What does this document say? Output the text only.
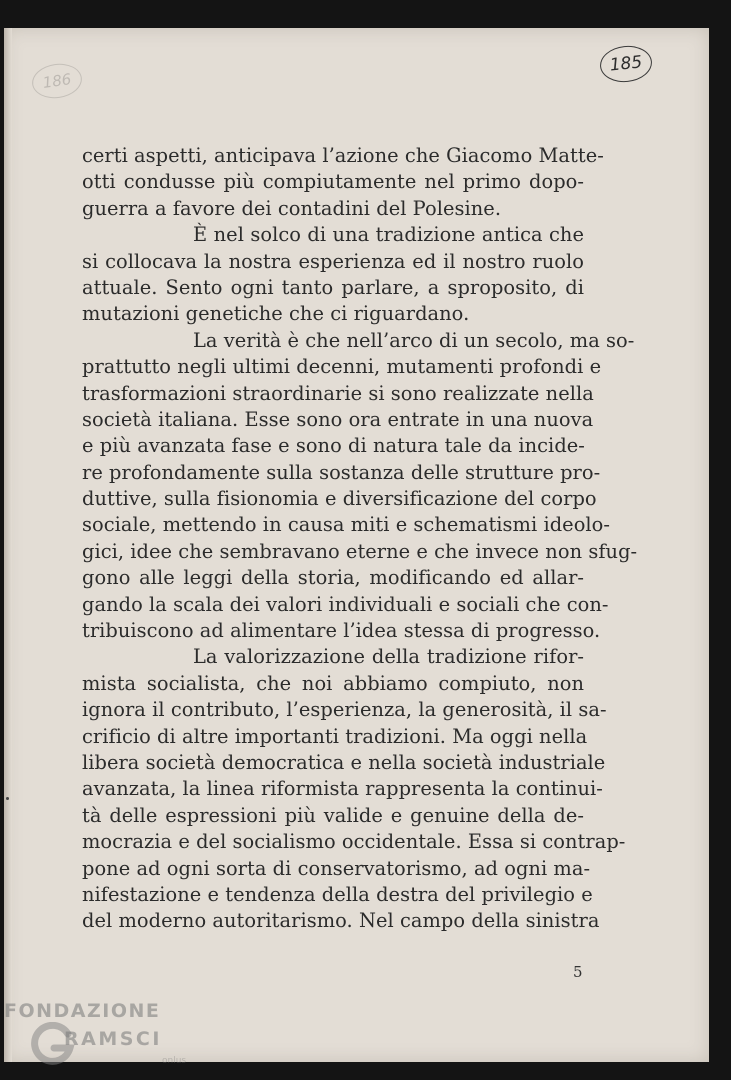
186
185
certi aspetti, anticipava l’azione che Giacomo Matte-
otti condusse più compiutamente nel primo dopo-
guerra a favore dei contadini del Polesine.
È nel solco di una tradizione antica che
si collocava la nostra esperienza ed il nostro ruolo
attuale. Sento ogni tanto parlare, a sproposito, di
mutazioni genetiche che ci riguardano.
La verità è che nell’arco di un secolo, ma so-
prattutto negli ultimi decenni, mutamenti profondi e
trasformazioni straordinarie si sono realizzate nella
società italiana. Esse sono ora entrate in una nuova
e più avanzata fase e sono di natura tale da incide-
re profondamente sulla sostanza delle strutture pro-
duttive, sulla fisionomia e diversificazione del corpo
sociale, mettendo in causa miti e schematismi ideolo-
gici, idee che sembravano eterne e che invece non sfug-
gono alle leggi della storia, modificando ed allar-
gando la scala dei valori individuali e sociali che con-
tribuiscono ad alimentare l’idea stessa di progresso.
La valorizzazione della tradizione rifor-
mista socialista, che noi abbiamo compiuto, non
ignora il contributo, l’esperienza, la generosità, il sa-
crificio di altre importanti tradizioni. Ma oggi nella
libera società democratica e nella società industriale
avanzata, la linea riformista rappresenta la continui-
tà delle espressioni più valide e genuine della de-
mocrazia e del socialismo occidentale. Essa si contrap-
pone ad ogni sorta di conservatorismo, ad ogni ma-
nifestazione e tendenza della destra del privilegio e
del moderno autoritarismo. Nel campo della sinistra
5
FONDAZIONE
RAMSCI
onlus
